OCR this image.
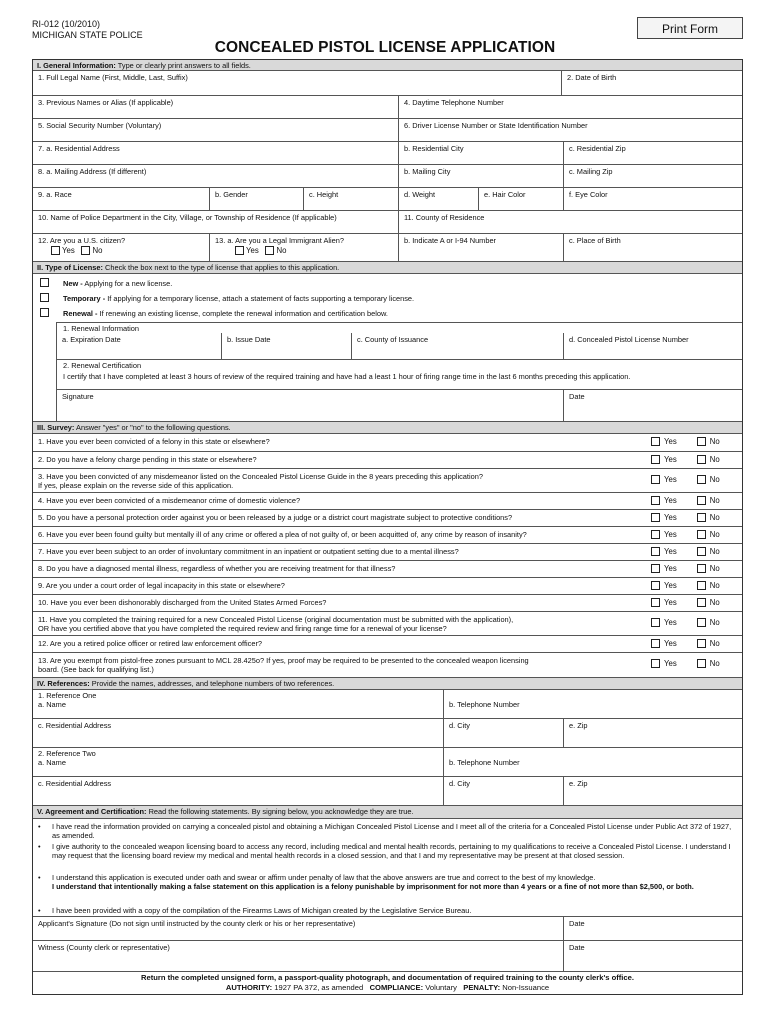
RI-012 (10/2010)
MICHIGAN STATE POLICE
CONCEALED PISTOL LICENSE APPLICATION
Print Form
I. General Information: Type or clearly print answers to all fields.
1. Full Legal Name (First, Middle, Last, Suffix)	2. Date of Birth
3. Previous Names or Alias (If applicable)	4. Daytime Telephone Number
5. Social Security Number (Voluntary)	6. Driver License Number or State Identification Number
7. a. Residential Address	b. Residential City	c. Residential Zip
8. a. Mailing Address (If different)	b. Mailing City	c. Mailing Zip
9. a. Race	b. Gender	c. Height	d. Weight	e. Hair Color	f. Eye Color
10. Name of Police Department in the City, Village, or Township of Residence (If applicable)	11. County of Residence
12. Are you a U.S. citizen?
Yes No
13. a. Are you a Legal Immigrant Alien?
Yes No
b. Indicate A or I-94 Number	c. Place of Birth
II. Type of License: Check the box next to the type of license that applies to this application.
New - Applying for a new license.
Temporary - If applying for a temporary license, attach a statement of facts supporting a temporary license.
Renewal - If renewing an existing license, complete the renewal information and certification below.
1. Renewal Information
a. Expiration Date	b. Issue Date	c. County of Issuance	d. Concealed Pistol License Number
2. Renewal Certification
I certify that I have completed at least 3 hours of review of the required training and have had a least 1 hour of firing range time in the last 6 months preceding this application.
Signature	Date
III. Survey: Answer "yes" or "no" to the following questions.
1. Have you ever been convicted of a felony in this state or elsewhere?	Yes	No
2. Do you have a felony charge pending in this state or elsewhere?	Yes	No
3. Have you been convicted of any misdemeanor listed on the Concealed Pistol License Guide in the 8 years preceding this application?
If yes, please explain on the reverse side of this application.
Yes	No
4. Have you ever been convicted of a misdemeanor crime of domestic violence?	Yes	No
5. Do you have a personal protection order against you or been released by a judge or a district court magistrate subject to protective conditions?	Yes	No
6. Have you ever been found guilty but mentally ill of any crime or offered a plea of not guilty of, or been acquitted of, any crime by reason of insanity?	Yes	No
7. Have you ever been subject to an order of involuntary commitment in an inpatient or outpatient setting due to a mental illness?	Yes	No
8. Do you have a diagnosed mental illness, regardless of whether you are receiving treatment for that illness?	Yes	No
9. Are you under a court order of legal incapacity in this state or elsewhere?	Yes	No
10. Have you ever been dishonorably discharged from the United States Armed Forces?	Yes	No
11. Have you completed the training required for a new Concealed Pistol License (original documentation must be submitted with the application),
OR have you certified above that you have completed the required review and firing range time for a renewal of your license?
Yes	No
12. Are you a retired police officer or retired law enforcement officer?	Yes	No
13. Are you exempt from pistol-free zones pursuant to MCL 28.425o? If yes, proof may be required to be presented to the concealed weapon licensing
board. (See back for qualifying list.)
Yes	No
IV. References: Provide the names, addresses, and telephone numbers of two references.
1. Reference One
a. Name	b. Telephone Number
c. Residential Address	d. City	e. Zip
2. Reference Two
a. Name	b. Telephone Number
c. Residential Address	d. City	e. Zip
V. Agreement and Certification: Read the following statements. By signing below, you acknowledge they are true.
• I have read the information provided on carrying a concealed pistol and obtaining a Michigan Concealed Pistol License and I meet all of the criteria for a Concealed Pistol License under Public Act 372 of 1927, as amended.
• I give authority to the concealed weapon licensing board to access any record, including medical and mental health records, pertaining to my qualifications to receive a Concealed Pistol License. I understand I may request that the licensing board review my medical and mental health records in a closed session, and that I and my representative may be present at that closed session.
• I understand this application is executed under oath and swear or affirm under penalty of law that the above answers are true and correct to the best of my knowledge.
I understand that intentionally making a false statement on this application is a felony punishable by imprisonment for not more than 4 years or a fine of not more than $2,500, or both.
• I have been provided with a copy of the compilation of the Firearms Laws of Michigan created by the Legislative Service Bureau.
Applicant's Signature (Do not sign until instructed by the county clerk or his or her representative)	Date
Witness (County clerk or representative)	Date
Return the completed unsigned form, a passport-quality photograph, and documentation of required training to the county clerk's office.
AUTHORITY: 1927 PA 372, as amended COMPLIANCE: Voluntary PENALTY: Non-Issuance
